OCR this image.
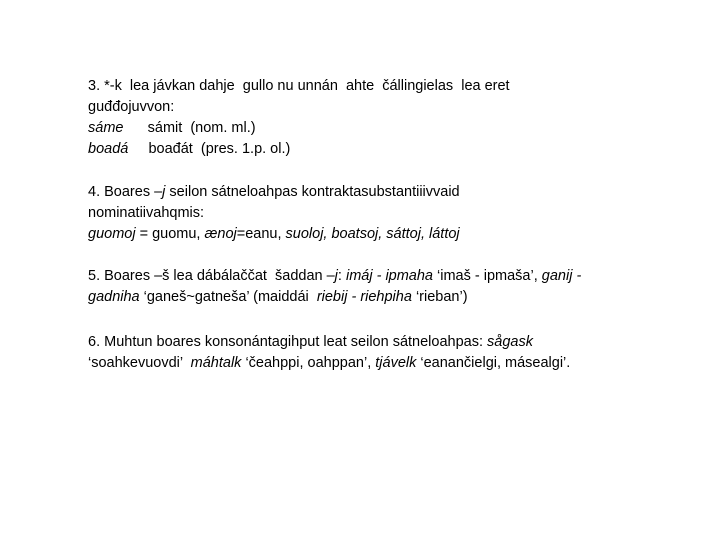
3. *-k  lea jávkan dahje  gullo nu unnán  ahte  čállingielas  lea eret
guđđojuvvon:
sáme      sámit  (nom. ml.)
boadá     boađát  (pres. 1.p. ol.)
4. Boares –j seilon sátneloahpas kontraktasubstantiiivvaid
nominatiivahqmis:
guomoj = guomu, ænoj=eanu, suoloj, boatsoj, sáttoj, láttoj
5. Boares –š lea dábálaččat  šaddan –j: imáj - ipmaha ‘imaš - ipmaša’, ganij -
gadniha ‘ganeš~gatnešа’ (maiddái  riebij - riehpiha ‘rieban’)
6. Muhtun boares konsonántagihput leat seilon sátneloahpas: sågask
‘soahkevuovdi’  máhtalk ‘čeahppi, oahppan’, tjávelk ‘eanančielgi, másealgi’.
